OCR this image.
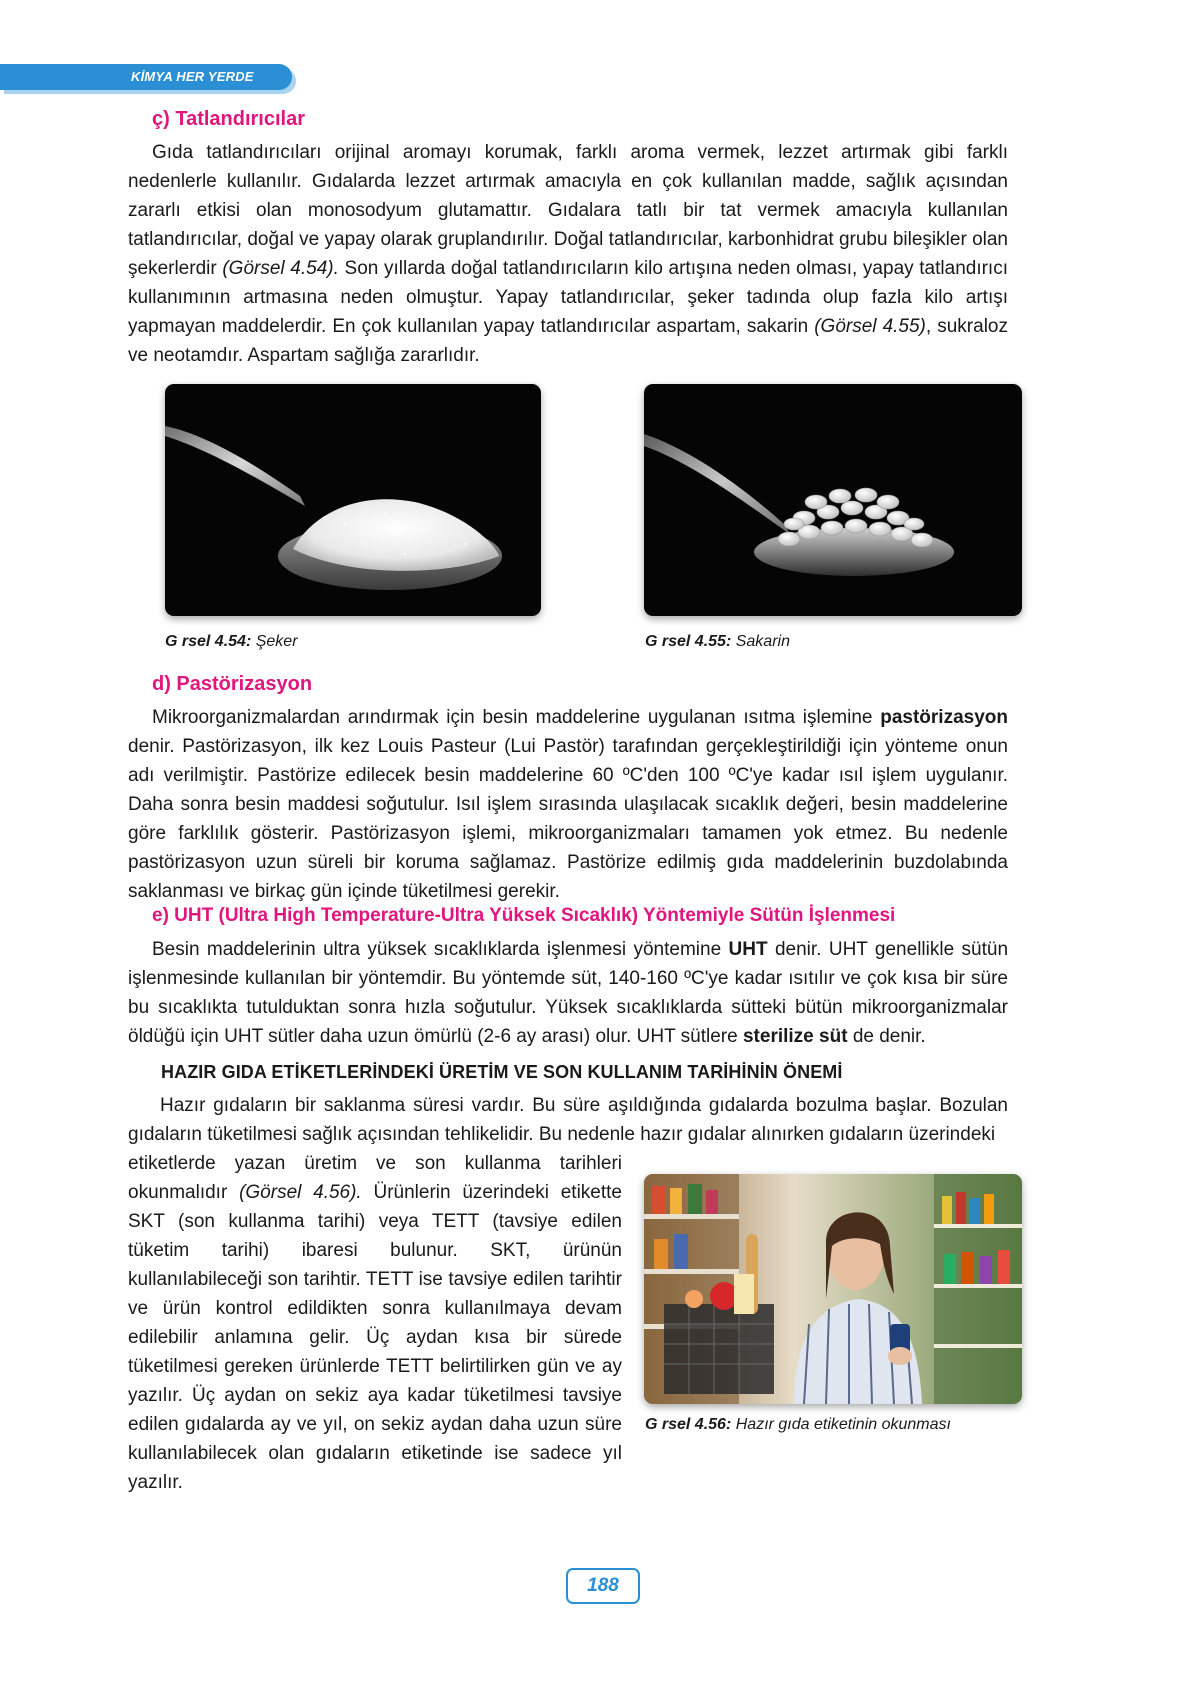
KİMYA HER YERDE
ç) Tatlandırıcılar

Gıda tatlandırıcıları orijinal aromayı korumak, farklı aroma vermek, lezzet artırmak gibi farklı nedenlerle kullanılır. Gıdalarda lezzet artırmak amacıyla en çok kullanılan madde, sağlık açısından zararlı etkisi olan monosodyum glutamattır. Gıdalara tatlı bir tat vermek amacıyla kullanılan tatlandırıcılar, doğal ve yapay olarak gruplandırılır. Doğal tatlandırıcılar, karbonhidrat grubu bileşikler olan şekerlerdir (Görsel 4.54). Son yıllarda doğal tatlandırıcıların kilo artışına neden olması, yapay tatlandırıcı kullanımının artmasına neden olmuştur. Yapay tatlandırıcılar, şeker tadında olup fazla kilo artışı yapmayan maddelerdir. En çok kullanılan yapay tatlandırıcılar aspartam, sakarin (Görsel 4.55), sukraloz ve neotamdır. Aspartam sağlığa zararlıdır.

G rsel 4.54: Şeker	G rsel 4.55: Sakarin

d) Pastörizasyon

Mikroorganizmalardan arındırmak için besin maddelerine uygulanan ısıtma işlemine pastörizasyon denir. Pastörizasyon, ilk kez Louis Pasteur (Lui Pastör) tarafından gerçekleştirildiği için yönteme onun adı verilmiştir. Pastörize edilecek besin maddelerine 60 ºC'den 100 ºC'ye kadar ısıl işlem uygulanır. Daha sonra besin maddesi soğutulur. Isıl işlem sırasında ulaşılacak sıcaklık değeri, besin maddelerine göre farklılık gösterir. Pastörizasyon işlemi, mikroorganizmaları tamamen yok etmez. Bu nedenle pastörizasyon uzun süreli bir koruma sağlamaz. Pastörize edilmiş gıda maddelerinin buzdolabında saklanması ve birkaç gün içinde tüketilmesi gerekir.

e) UHT (Ultra High Temperature-Ultra Yüksek Sıcaklık) Yöntemiyle Sütün İşlenmesi

Besin maddelerinin ultra yüksek sıcaklıklarda işlenmesi yöntemine UHT denir. UHT genellikle sütün işlenmesinde kullanılan bir yöntemdir. Bu yöntemde süt, 140-160 ºC'ye kadar ısıtılır ve çok kısa bir süre bu sıcaklıkta tutulduktan sonra hızla soğutulur. Yüksek sıcaklıklarda sütteki bütün mikroorganizmalar öldüğü için UHT sütler daha uzun ömürlü (2-6 ay arası) olur. UHT sütlere sterilize süt de denir.

HAZIR GIDA ETİKETLERİNDEKİ ÜRETİM VE SON KULLANIM TARİHİNİN ÖNEMİ

Hazır gıdaların bir saklanma süresi vardır. Bu süre aşıldığında gıdalarda bozulma başlar. Bozulan gıdaların tüketilmesi sağlık açısından tehlikelidir. Bu nedenle hazır gıdalar alınırken gıdaların üzerindeki

etiketlerde yazan üretim ve son kullanma tarihleri okunmalıdır (Görsel 4.56). Ürünlerin üzerindeki etikette SKT (son kullanma tarihi) veya TETT (tavsiye edilen tüketim tarihi) ibaresi bulunur. SKT, ürünün kullanılabileceği son tarihtir. TETT ise tavsiye edilen tarihtir ve ürün kontrol edildikten sonra kullanılmaya devam edilebilir anlamına gelir. Üç aydan kısa bir sürede tüketilmesi gereken ürünlerde TETT belirtilirken gün ve ay yazılır. Üç aydan on sekiz aya kadar tüketilmesi tavsiye edilen gıdalarda ay ve yıl, on sekiz aydan daha uzun süre kullanılabilecek olan gıdaların etiketinde ise sadece yıl yazılır.

G rsel 4.56: Hazır gıda etiketinin okunması

188
